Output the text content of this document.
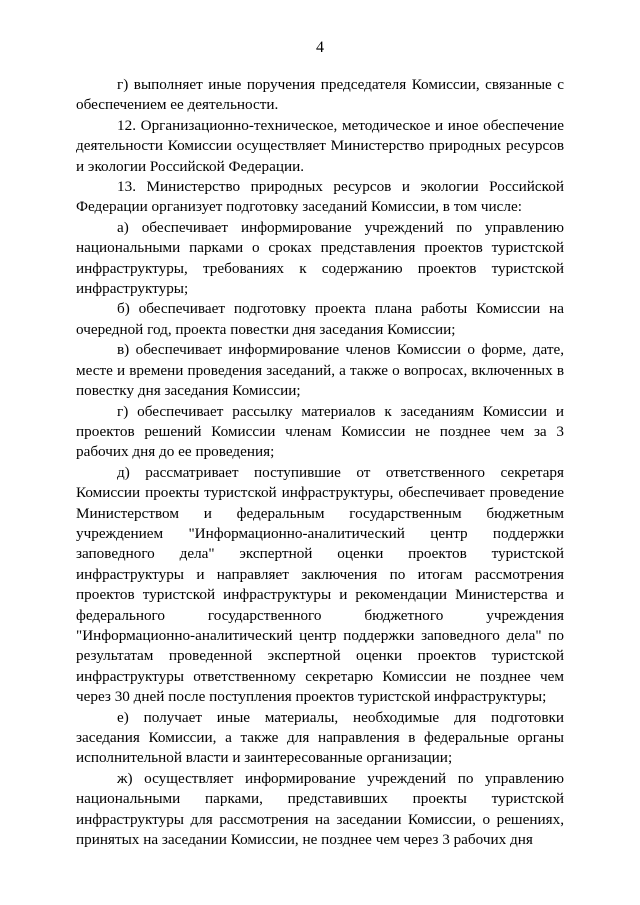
4

г) выполняет иные поручения председателя Комиссии, связанные с обеспечением ее деятельности.

12. Организационно-техническое, методическое и иное обеспечение деятельности Комиссии осуществляет Министерство природных ресурсов и экологии Российской Федерации.

13. Министерство природных ресурсов и экологии Российской Федерации организует подготовку заседаний Комиссии, в том числе:

а) обеспечивает информирование учреждений по управлению национальными парками о сроках представления проектов туристской инфраструктуры, требованиях к содержанию проектов туристской инфраструктуры;

б) обеспечивает подготовку проекта плана работы Комиссии на очередной год, проекта повестки дня заседания Комиссии;

в) обеспечивает информирование членов Комиссии о форме, дате, месте и времени проведения заседаний, а также о вопросах, включенных в повестку дня заседания Комиссии;

г) обеспечивает рассылку материалов к заседаниям Комиссии и проектов решений Комиссии членам Комиссии не позднее чем за 3 рабочих дня до ее проведения;

д) рассматривает поступившие от ответственного секретаря Комиссии проекты туристской инфраструктуры, обеспечивает проведение Министерством и федеральным государственным бюджетным учреждением "Информационно-аналитический центр поддержки заповедного дела" экспертной оценки проектов туристской инфраструктуры и направляет заключения по итогам рассмотрения проектов туристской инфраструктуры и рекомендации Министерства и федерального государственного бюджетного учреждения "Информационно-аналитический центр поддержки заповедного дела" по результатам проведенной экспертной оценки проектов туристской инфраструктуры ответственному секретарю Комиссии не позднее чем через 30 дней после поступления проектов туристской инфраструктуры;

е) получает иные материалы, необходимые для подготовки заседания Комиссии, а также для направления в федеральные органы исполнительной власти и заинтересованные организации;

ж) осуществляет информирование учреждений по управлению национальными парками, представивших проекты туристской инфраструктуры для рассмотрения на заседании Комиссии, о решениях, принятых на заседании Комиссии, не позднее чем через 3 рабочих дня
